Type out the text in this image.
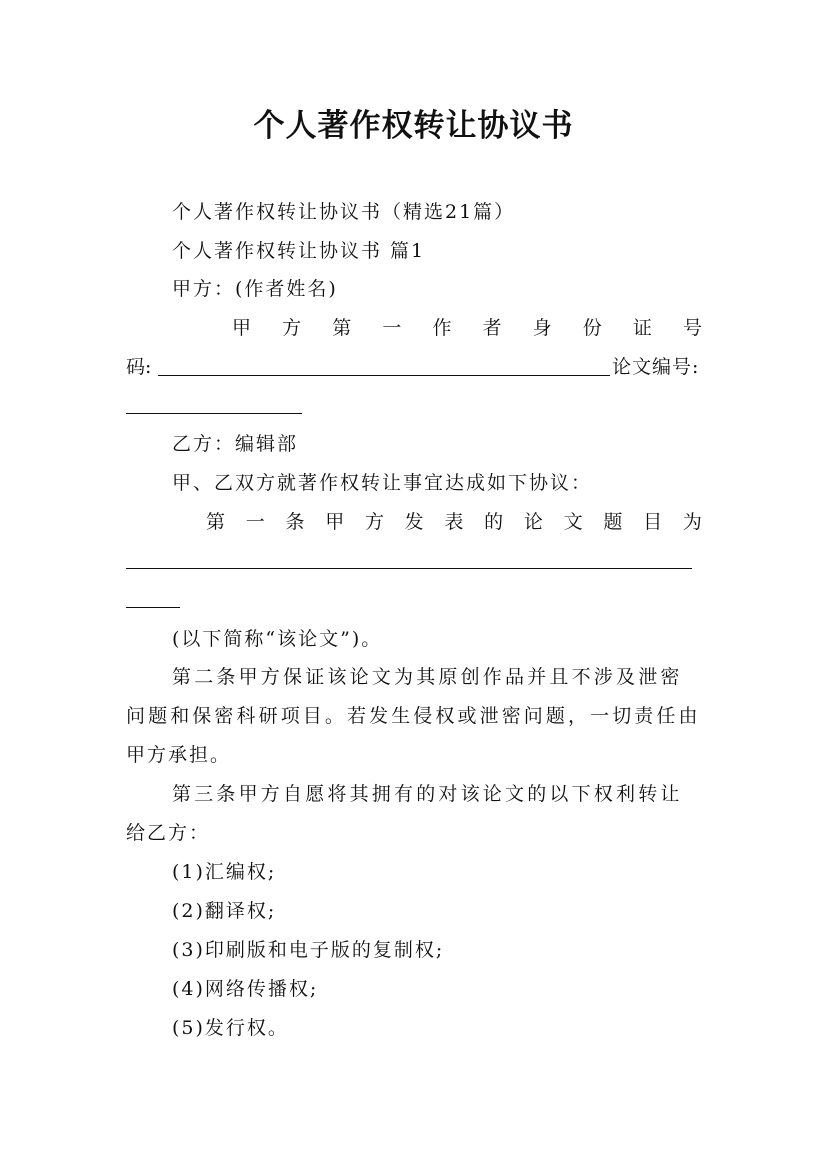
个人著作权转让协议书
个人著作权转让协议书（精选21篇）
个人著作权转让协议书 篇1
甲方：(作者姓名)
甲 方 第 一 作 者 身 份 证 号
码:	论文编号:
乙方：编辑部
甲、乙双方就著作权转让事宜达成如下协议：
第 一 条 甲 方 发 表 的 论 文 题 目 为
(以下简称“该论文”)。
第二条甲方保证该论文为其原创作品并且不涉及泄密
问题和保密科研项目。若发生侵权或泄密问题，一切责任由
甲方承担。
第三条甲方自愿将其拥有的对该论文的以下权利转让
给乙方：
(1)汇编权;
(2)翻译权;
(3)印刷版和电子版的复制权;
(4)网络传播权;
(5)发行权。
